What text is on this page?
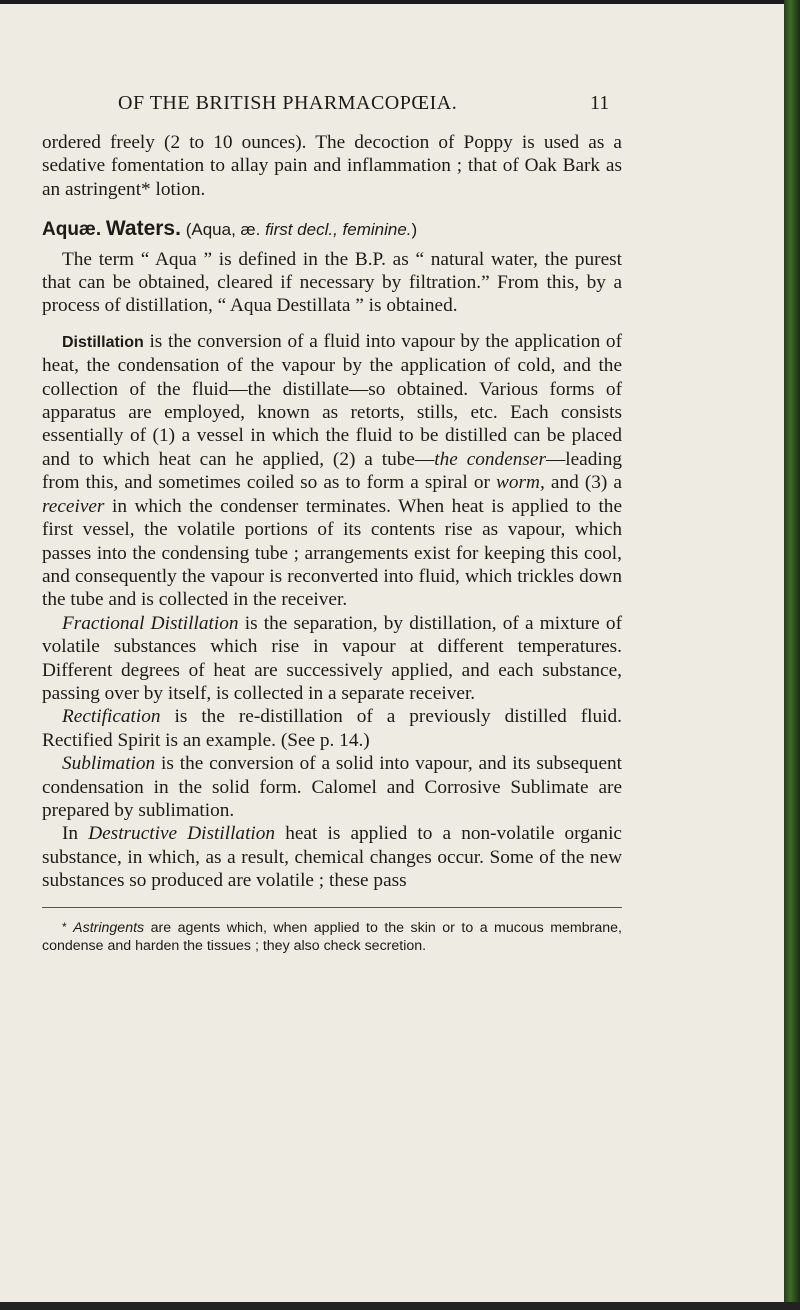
OF THE BRITISH PHARMACOPŒIA.	11

ordered freely (2 to 10 ounces). The decoction of Poppy is used as a sedative fomentation to allay pain and inflammation ; that of Oak Bark as an astringent* lotion.

Aquæ. Waters. (Aqua, æ. first decl., feminine.)

The term “ Aqua ” is defined in the B.P. as “ natural water, the purest that can be obtained, cleared if necessary by filtration.” From this, by a process of distillation, “ Aqua Destillata ” is obtained.

Distillation is the conversion of a fluid into vapour by the application of heat, the condensation of the vapour by the application of cold, and the collection of the fluid—the distillate—so obtained. Various forms of apparatus are employed, known as retorts, stills, etc. Each consists essentially of (1) a vessel in which the fluid to be distilled can be placed and to which heat can he applied, (2) a tube—the condenser—leading from this, and sometimes coiled so as to form a spiral or worm, and (3) a receiver in which the condenser terminates. When heat is applied to the first vessel, the volatile portions of its contents rise as vapour, which passes into the condensing tube ; arrangements exist for keeping this cool, and consequently the vapour is reconverted into fluid, which trickles down the tube and is collected in the receiver.

Fractional Distillation is the separation, by distillation, of a mixture of volatile substances which rise in vapour at different temperatures. Different degrees of heat are successively applied, and each substance, passing over by itself, is collected in a separate receiver.

Rectification is the re-distillation of a previously distilled fluid. Rectified Spirit is an example. (See p. 14.)

Sublimation is the conversion of a solid into vapour, and its subsequent condensation in the solid form. Calomel and Corrosive Sublimate are prepared by sublimation.

In Destructive Distillation heat is applied to a non-volatile organic substance, in which, as a result, chemical changes occur. Some of the new substances so produced are volatile ; these pass

* Astringents are agents which, when applied to the skin or to a mucous membrane, condense and harden the tissues ; they also check secretion.
